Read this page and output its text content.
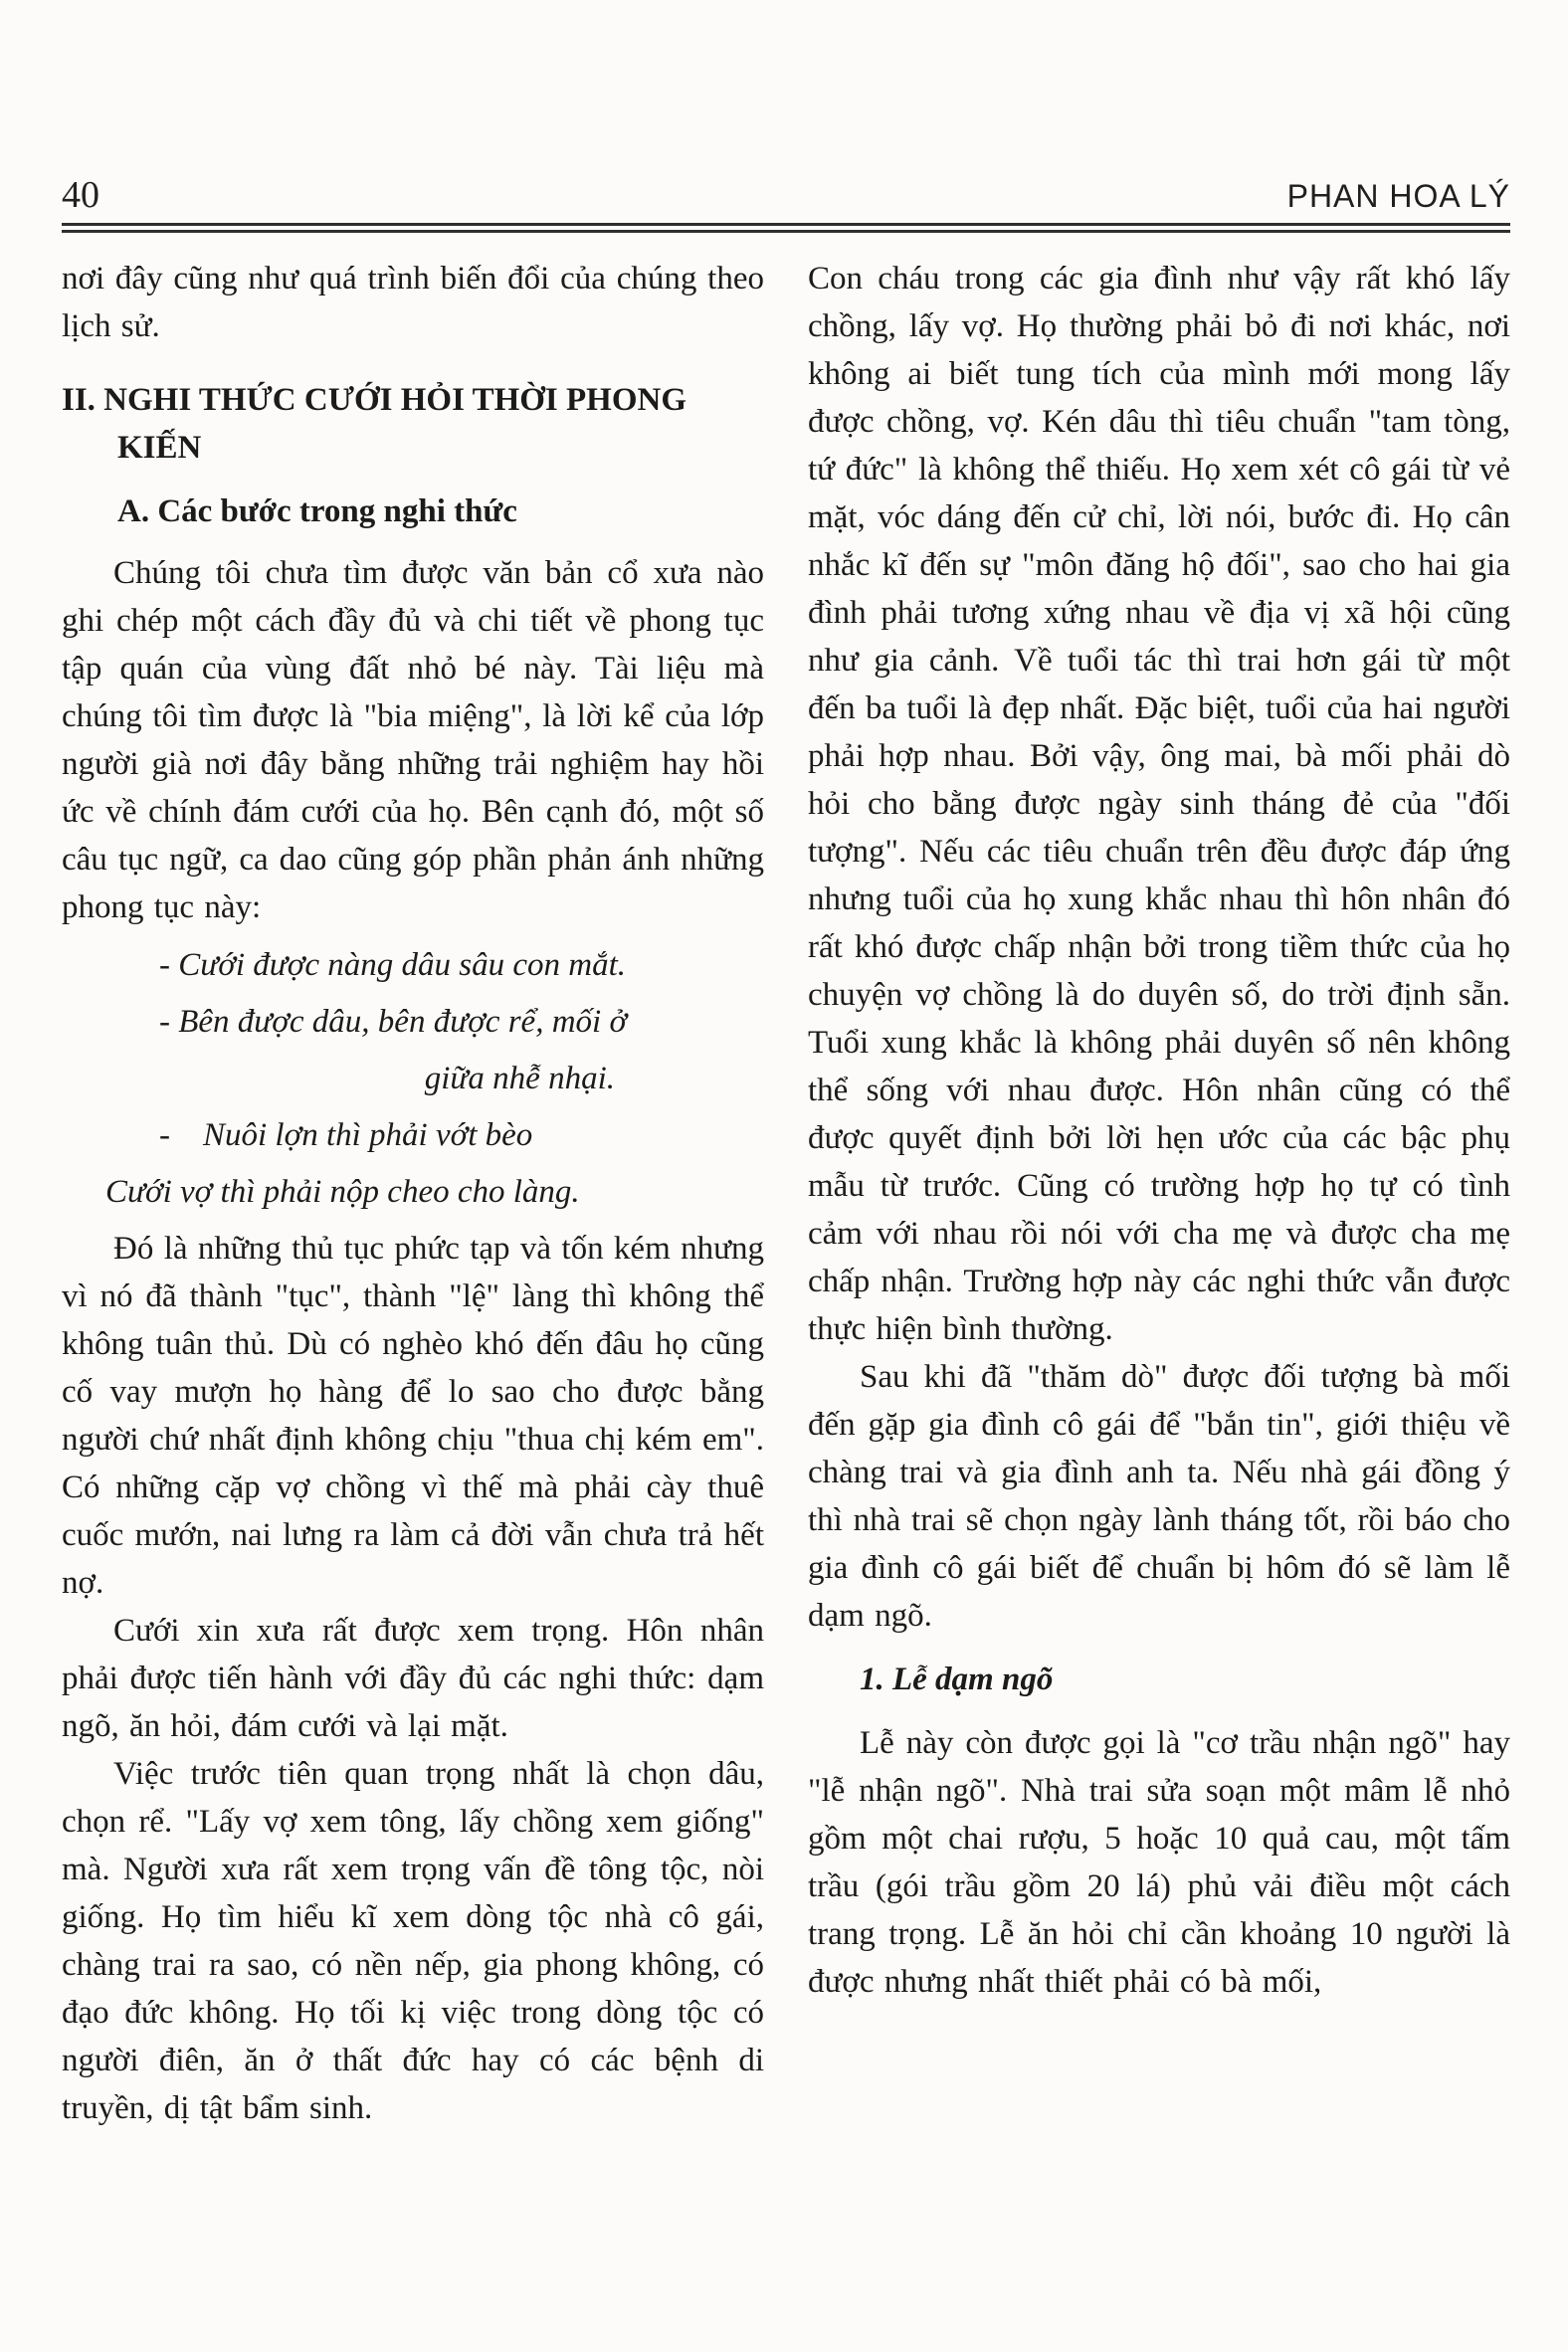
40	PHAN HOA LÝ

nơi đây cũng như quá trình biến đổi của chúng theo lịch sử.

II. NGHI THỨC CƯỚI HỎI THỜI PHONG KIẾN
A. Các bước trong nghi thức

Chúng tôi chưa tìm được văn bản cổ xưa nào ghi chép một cách đầy đủ và chi tiết về phong tục tập quán của vùng đất nhỏ bé này. Tài liệu mà chúng tôi tìm được là "bia miệng", là lời kể của lớp người già nơi đây bằng những trải nghiệm hay hồi ức về chính đám cưới của họ. Bên cạnh đó, một số câu tục ngữ, ca dao cũng góp phần phản ánh những phong tục này:

- Cưới được nàng dâu sâu con mắt.

- Bên được dâu, bên được rể, mối ở

giữa nhễ nhại.

- Nuôi lợn thì phải vớt bèo

Cưới vợ thì phải nộp cheo cho làng.

Đó là những thủ tục phức tạp và tốn kém nhưng vì nó đã thành "tục", thành "lệ" làng thì không thể không tuân thủ. Dù có nghèo khó đến đâu họ cũng cố vay mượn họ hàng để lo sao cho được bằng người chứ nhất định không chịu "thua chị kém em". Có những cặp vợ chồng vì thế mà phải cày thuê cuốc mướn, nai lưng ra làm cả đời vẫn chưa trả hết nợ.

Cưới xin xưa rất được xem trọng. Hôn nhân phải được tiến hành với đầy đủ các nghi thức: dạm ngõ, ăn hỏi, đám cưới và lại mặt.

Việc trước tiên quan trọng nhất là chọn dâu, chọn rể. "Lấy vợ xem tông, lấy chồng xem giống" mà. Người xưa rất xem trọng vấn đề tông tộc, nòi giống. Họ tìm hiểu kĩ xem dòng tộc nhà cô gái, chàng trai ra sao, có nền nếp, gia phong không, có đạo đức không. Họ tối kị việc trong dòng tộc có người điên, ăn ở thất đức hay có các bệnh di truyền, dị tật bẩm sinh.

Con cháu trong các gia đình như vậy rất khó lấy chồng, lấy vợ. Họ thường phải bỏ đi nơi khác, nơi không ai biết tung tích của mình mới mong lấy được chồng, vợ. Kén dâu thì tiêu chuẩn "tam tòng, tứ đức" là không thể thiếu. Họ xem xét cô gái từ vẻ mặt, vóc dáng đến cử chỉ, lời nói, bước đi. Họ cân nhắc kĩ đến sự "môn đăng hộ đối", sao cho hai gia đình phải tương xứng nhau về địa vị xã hội cũng như gia cảnh. Về tuổi tác thì trai hơn gái từ một đến ba tuổi là đẹp nhất. Đặc biệt, tuổi của hai người phải hợp nhau. Bởi vậy, ông mai, bà mối phải dò hỏi cho bằng được ngày sinh tháng đẻ của "đối tượng". Nếu các tiêu chuẩn trên đều được đáp ứng nhưng tuổi của họ xung khắc nhau thì hôn nhân đó rất khó được chấp nhận bởi trong tiềm thức của họ chuyện vợ chồng là do duyên số, do trời định sẵn. Tuổi xung khắc là không phải duyên số nên không thể sống với nhau được. Hôn nhân cũng có thể được quyết định bởi lời hẹn ước của các bậc phụ mẫu từ trước. Cũng có trường hợp họ tự có tình cảm với nhau rồi nói với cha mẹ và được cha mẹ chấp nhận. Trường hợp này các nghi thức vẫn được thực hiện bình thường.

Sau khi đã "thăm dò" được đối tượng bà mối đến gặp gia đình cô gái để "bắn tin", giới thiệu về chàng trai và gia đình anh ta. Nếu nhà gái đồng ý thì nhà trai sẽ chọn ngày lành tháng tốt, rồi báo cho gia đình cô gái biết để chuẩn bị hôm đó sẽ làm lễ dạm ngõ.

1. Lễ dạm ngõ

Lễ này còn được gọi là "cơ trầu nhận ngõ" hay "lễ nhận ngõ". Nhà trai sửa soạn một mâm lễ nhỏ gồm một chai rượu, 5 hoặc 10 quả cau, một tấm trầu (gói trầu gồm 20 lá) phủ vải điều một cách trang trọng. Lễ ăn hỏi chỉ cần khoảng 10 người là được nhưng nhất thiết phải có bà mối,
